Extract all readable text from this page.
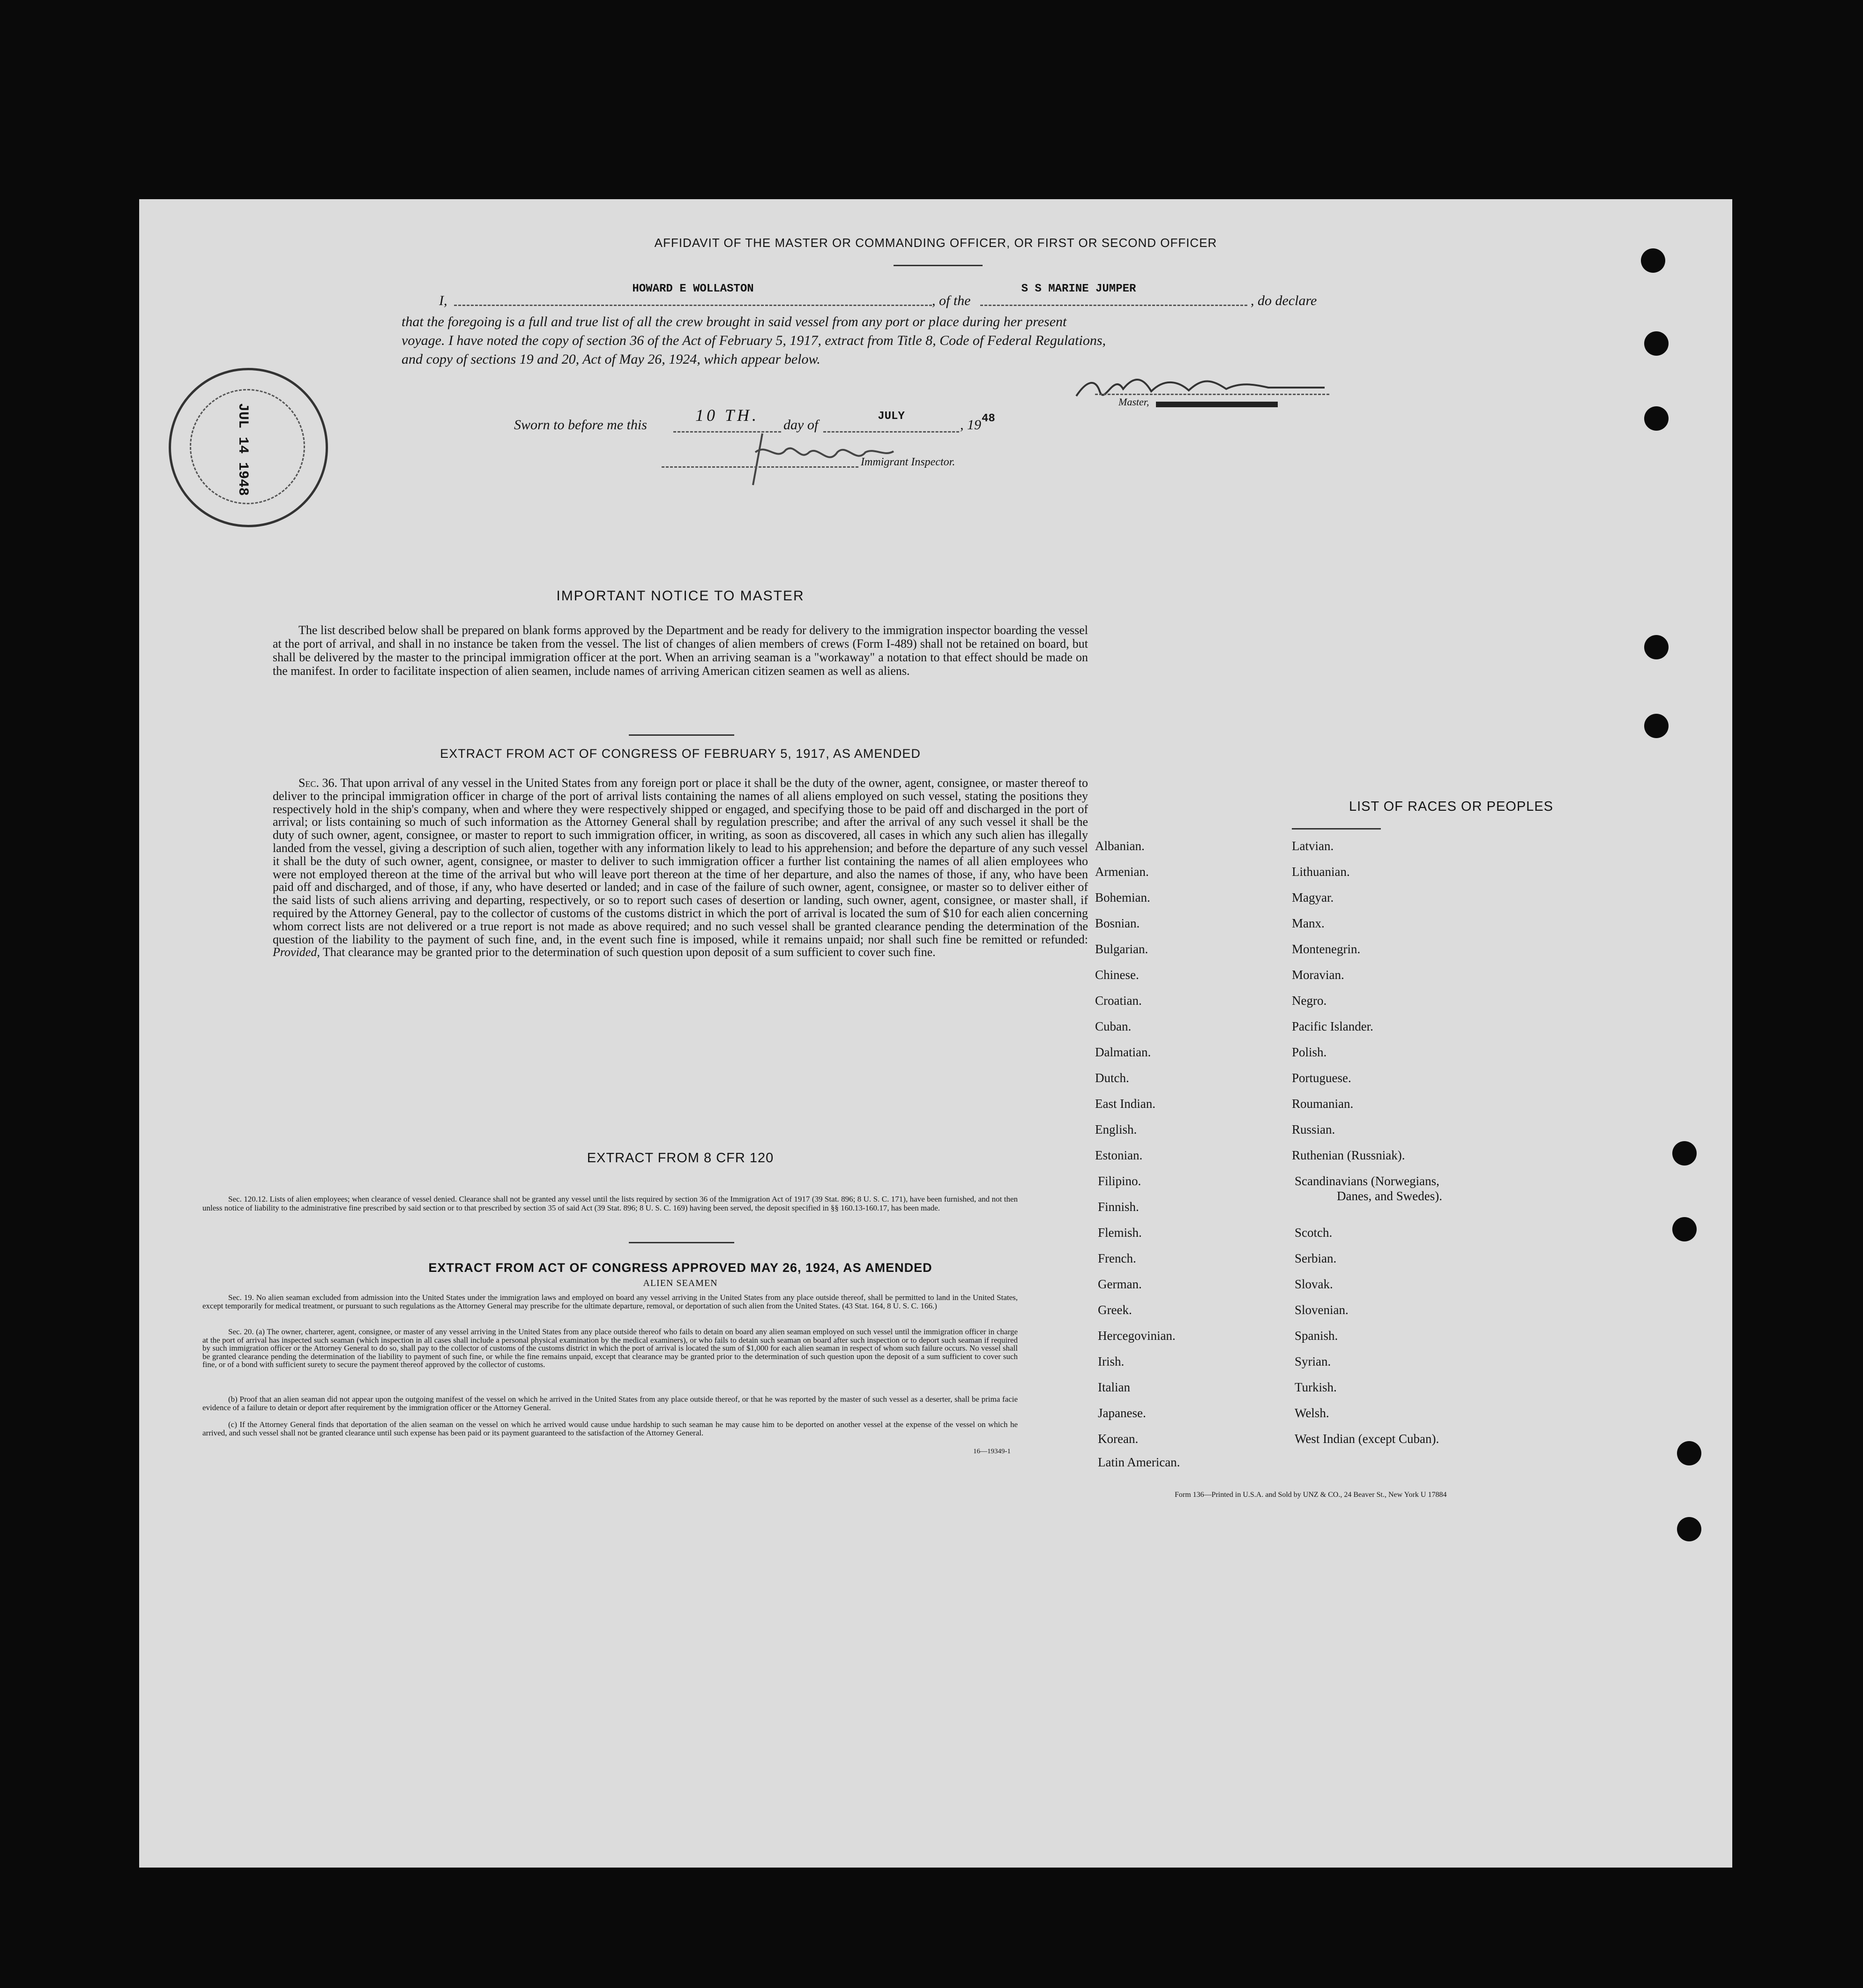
AFFIDAVIT OF THE MASTER OR COMMANDING OFFICER, OR FIRST OR SECOND OFFICER
I,
HOWARD E WOLLASTON
, of the
S S MARINE JUMPER
, do declare
that the foregoing is a full and true list of all the crew brought in said vessel from any port or place during her present
voyage. I have noted the copy of section 36 of the Act of February 5, 1917, extract from Title 8, Code of Federal Regulations,
and copy of sections 19 and 20, Act of May 26, 1924, which appear below.
Master,
Sworn to before me this
10 TH.
day of
JULY
, 19 48
Immigrant Inspector.
JUL 14 1948
IMPORTANT NOTICE TO MASTER
The list described below shall be prepared on blank forms approved by the Department and be ready for delivery to the immigration inspector boarding the vessel at the port of arrival, and shall in no instance be taken from the vessel. The list of changes of alien members of crews (Form I-489) shall not be retained on board, but shall be delivered by the master to the principal immigration officer at the port. When an arriving seaman is a "workaway" a notation to that effect should be made on the manifest. In order to facilitate inspection of alien seamen, include names of arriving American citizen seamen as well as aliens.
EXTRACT FROM ACT OF CONGRESS OF FEBRUARY 5, 1917, AS AMENDED
Sec. 36. That upon arrival of any vessel in the United States from any foreign port or place it shall be the duty of the owner, agent, consignee, or master thereof to deliver to the principal immigration officer in charge of the port of arrival lists containing the names of all aliens employed on such vessel, stating the positions they respectively hold in the ship's company, when and where they were respectively shipped or engaged, and specifying those to be paid off and discharged in the port of arrival; or lists containing so much of such information as the Attorney General shall by regulation prescribe; and after the arrival of any such vessel it shall be the duty of such owner, agent, consignee, or master to report to such immigration officer, in writing, as soon as discovered, all cases in which any such alien has illegally landed from the vessel, giving a description of such alien, together with any information likely to lead to his apprehension; and before the departure of any such vessel it shall be the duty of such owner, agent, consignee, or master to deliver to such immigration officer a further list containing the names of all alien employees who were not employed thereon at the time of the arrival but who will leave port thereon at the time of her departure, and also the names of those, if any, who have been paid off and discharged, and of those, if any, who have deserted or landed; and in case of the failure of such owner, agent, consignee, or master so to deliver either of the said lists of such aliens arriving and departing, respectively, or so to report such cases of desertion or landing, such owner, agent, consignee, or master shall, if required by the Attorney General, pay to the collector of customs of the customs district in which the port of arrival is located the sum of $10 for each alien concerning whom correct lists are not delivered or a true report is not made as above required; and no such vessel shall be granted clearance pending the determination of the question of the liability to the payment of such fine, and, in the event such fine is imposed, while it remains unpaid; nor shall such fine be remitted or refunded: Provided, That clearance may be granted prior to the determination of such question upon deposit of a sum sufficient to cover such fine.
EXTRACT FROM 8 CFR 120
Sec. 120.12. Lists of alien employees; when clearance of vessel denied. Clearance shall not be granted any vessel until the lists required by section 36 of the Immigration Act of 1917 (39 Stat. 896; 8 U. S. C. 171), have been furnished, and not then unless notice of liability to the administrative fine prescribed by said section or to that prescribed by section 35 of said Act (39 Stat. 896; 8 U. S. C. 169) having been served, the deposit specified in §§ 160.13-160.17, has been made.
EXTRACT FROM ACT OF CONGRESS APPROVED MAY 26, 1924, AS AMENDED
ALIEN SEAMEN
Sec. 19. No alien seaman excluded from admission into the United States under the immigration laws and employed on board any vessel arriving in the United States from any place outside thereof, shall be permitted to land in the United States, except temporarily for medical treatment, or pursuant to such regulations as the Attorney General may prescribe for the ultimate departure, removal, or deportation of such alien from the United States. (43 Stat. 164, 8 U. S. C. 166.)
Sec. 20. (a) The owner, charterer, agent, consignee, or master of any vessel arriving in the United States from any place outside thereof who fails to detain on board any alien seaman employed on such vessel until the immigration officer in charge at the port of arrival has inspected such seaman (which inspection in all cases shall include a personal physical examination by the medical examiners), or who fails to detain such seaman on board after such inspection or to deport such seaman if required by such immigration officer or the Attorney General to do so, shall pay to the collector of customs of the customs district in which the port of arrival is located the sum of $1,000 for each alien seaman in respect of whom such failure occurs. No vessel shall be granted clearance pending the determination of the liability to payment of such fine, or while the fine remains unpaid, except that clearance may be granted prior to the determination of such question upon the deposit of a sum sufficient to cover such fine, or of a bond with sufficient surety to secure the payment thereof approved by the collector of customs.
(b) Proof that an alien seaman did not appear upon the outgoing manifest of the vessel on which he arrived in the United States from any place outside thereof, or that he was reported by the master of such vessel as a deserter, shall be prima facie evidence of a failure to detain or deport after requirement by the immigration officer or the Attorney General.
(c) If the Attorney General finds that deportation of the alien seaman on the vessel on which he arrived would cause undue hardship to such seaman he may cause him to be deported on another vessel at the expense of the vessel on which he arrived, and such vessel shall not be granted clearance until such expense has been paid or its payment guaranteed to the satisfaction of the Attorney General.
16—19349-1
LIST OF RACES OR PEOPLES
Albanian.
Armenian.
Bohemian.
Bosnian.
Bulgarian.
Chinese.
Croatian.
Cuban.
Dalmatian.
Dutch.
East Indian.
English.
Estonian.
Filipino.
Finnish.
Flemish.
French.
German.
Greek.
Hercegovinian.
Irish.
Italian
Japanese.
Korean.
Latin American.
Latvian.
Lithuanian.
Magyar.
Manx.
Montenegrin.
Moravian.
Negro.
Pacific Islander.
Polish.
Portuguese.
Roumanian.
Russian.
Ruthenian (Russniak).
Scandinavians (Norwegians,
Danes, and Swedes).
Scotch.
Serbian.
Slovak.
Slovenian.
Spanish.
Syrian.
Turkish.
Welsh.
West Indian (except Cuban).
Form 136—Printed in U.S.A. and Sold by UNZ & CO., 24 Beaver St., New York U 17884
